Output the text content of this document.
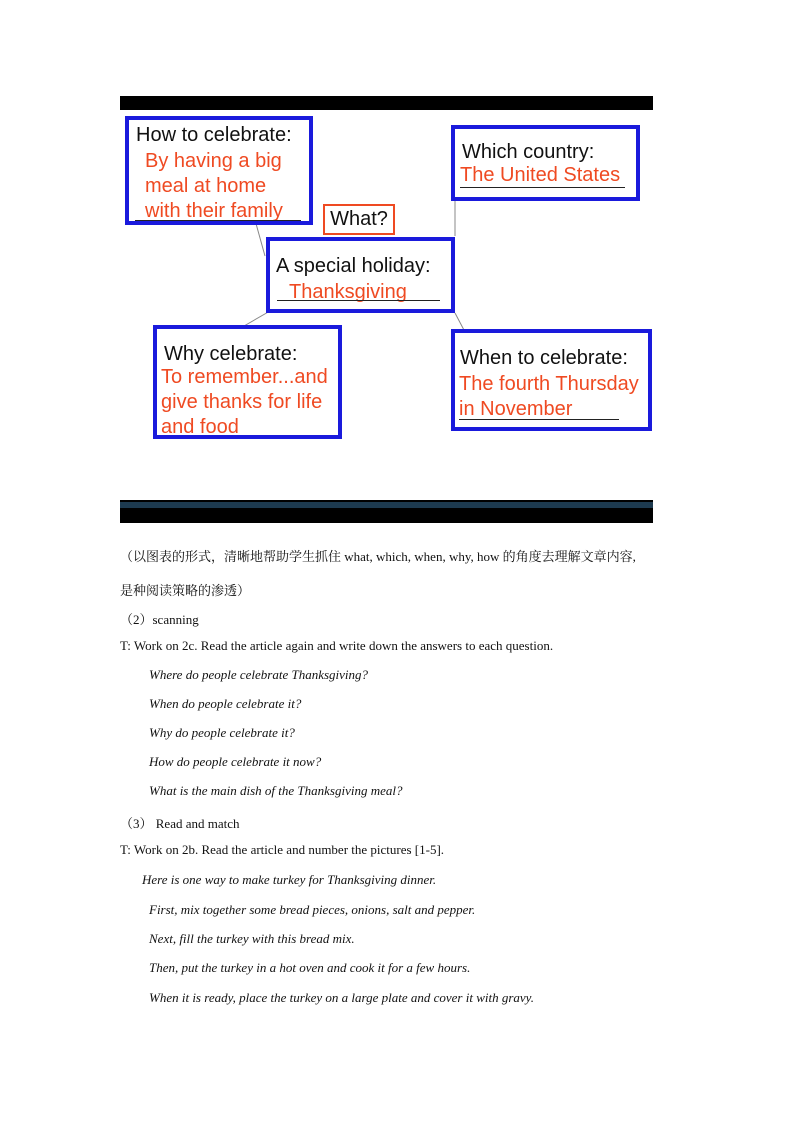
How to celebrate:
By having a big
meal at home
with their family
Which country:
The United States
What?
A special holiday:
Thanksgiving
Why celebrate:
To remember...and
give thanks for life
and food
When to celebrate:
The fourth Thursday
in November
（以图表的形式，清晰地帮助学生抓住 what, which, when, why, how 的角度去理解文章内容,
是种阅读策略的渗透）
（2）scanning
T: Work on 2c. Read the article again and write down the answers to each question.
Where do people celebrate Thanksgiving?
When do people celebrate it?
Why do people celebrate it?
How do people celebrate it now?
What is the main dish of the Thanksgiving meal?
（3） Read and match
T: Work on 2b. Read the article and number the pictures [1-5].
Here is one way to make turkey for Thanksgiving dinner.
First, mix together some bread pieces, onions, salt and pepper.
Next, fill the turkey with this bread mix.
Then, put the turkey in a hot oven and cook it for a few hours.
When it is ready, place the turkey on a large plate and cover it with gravy.
